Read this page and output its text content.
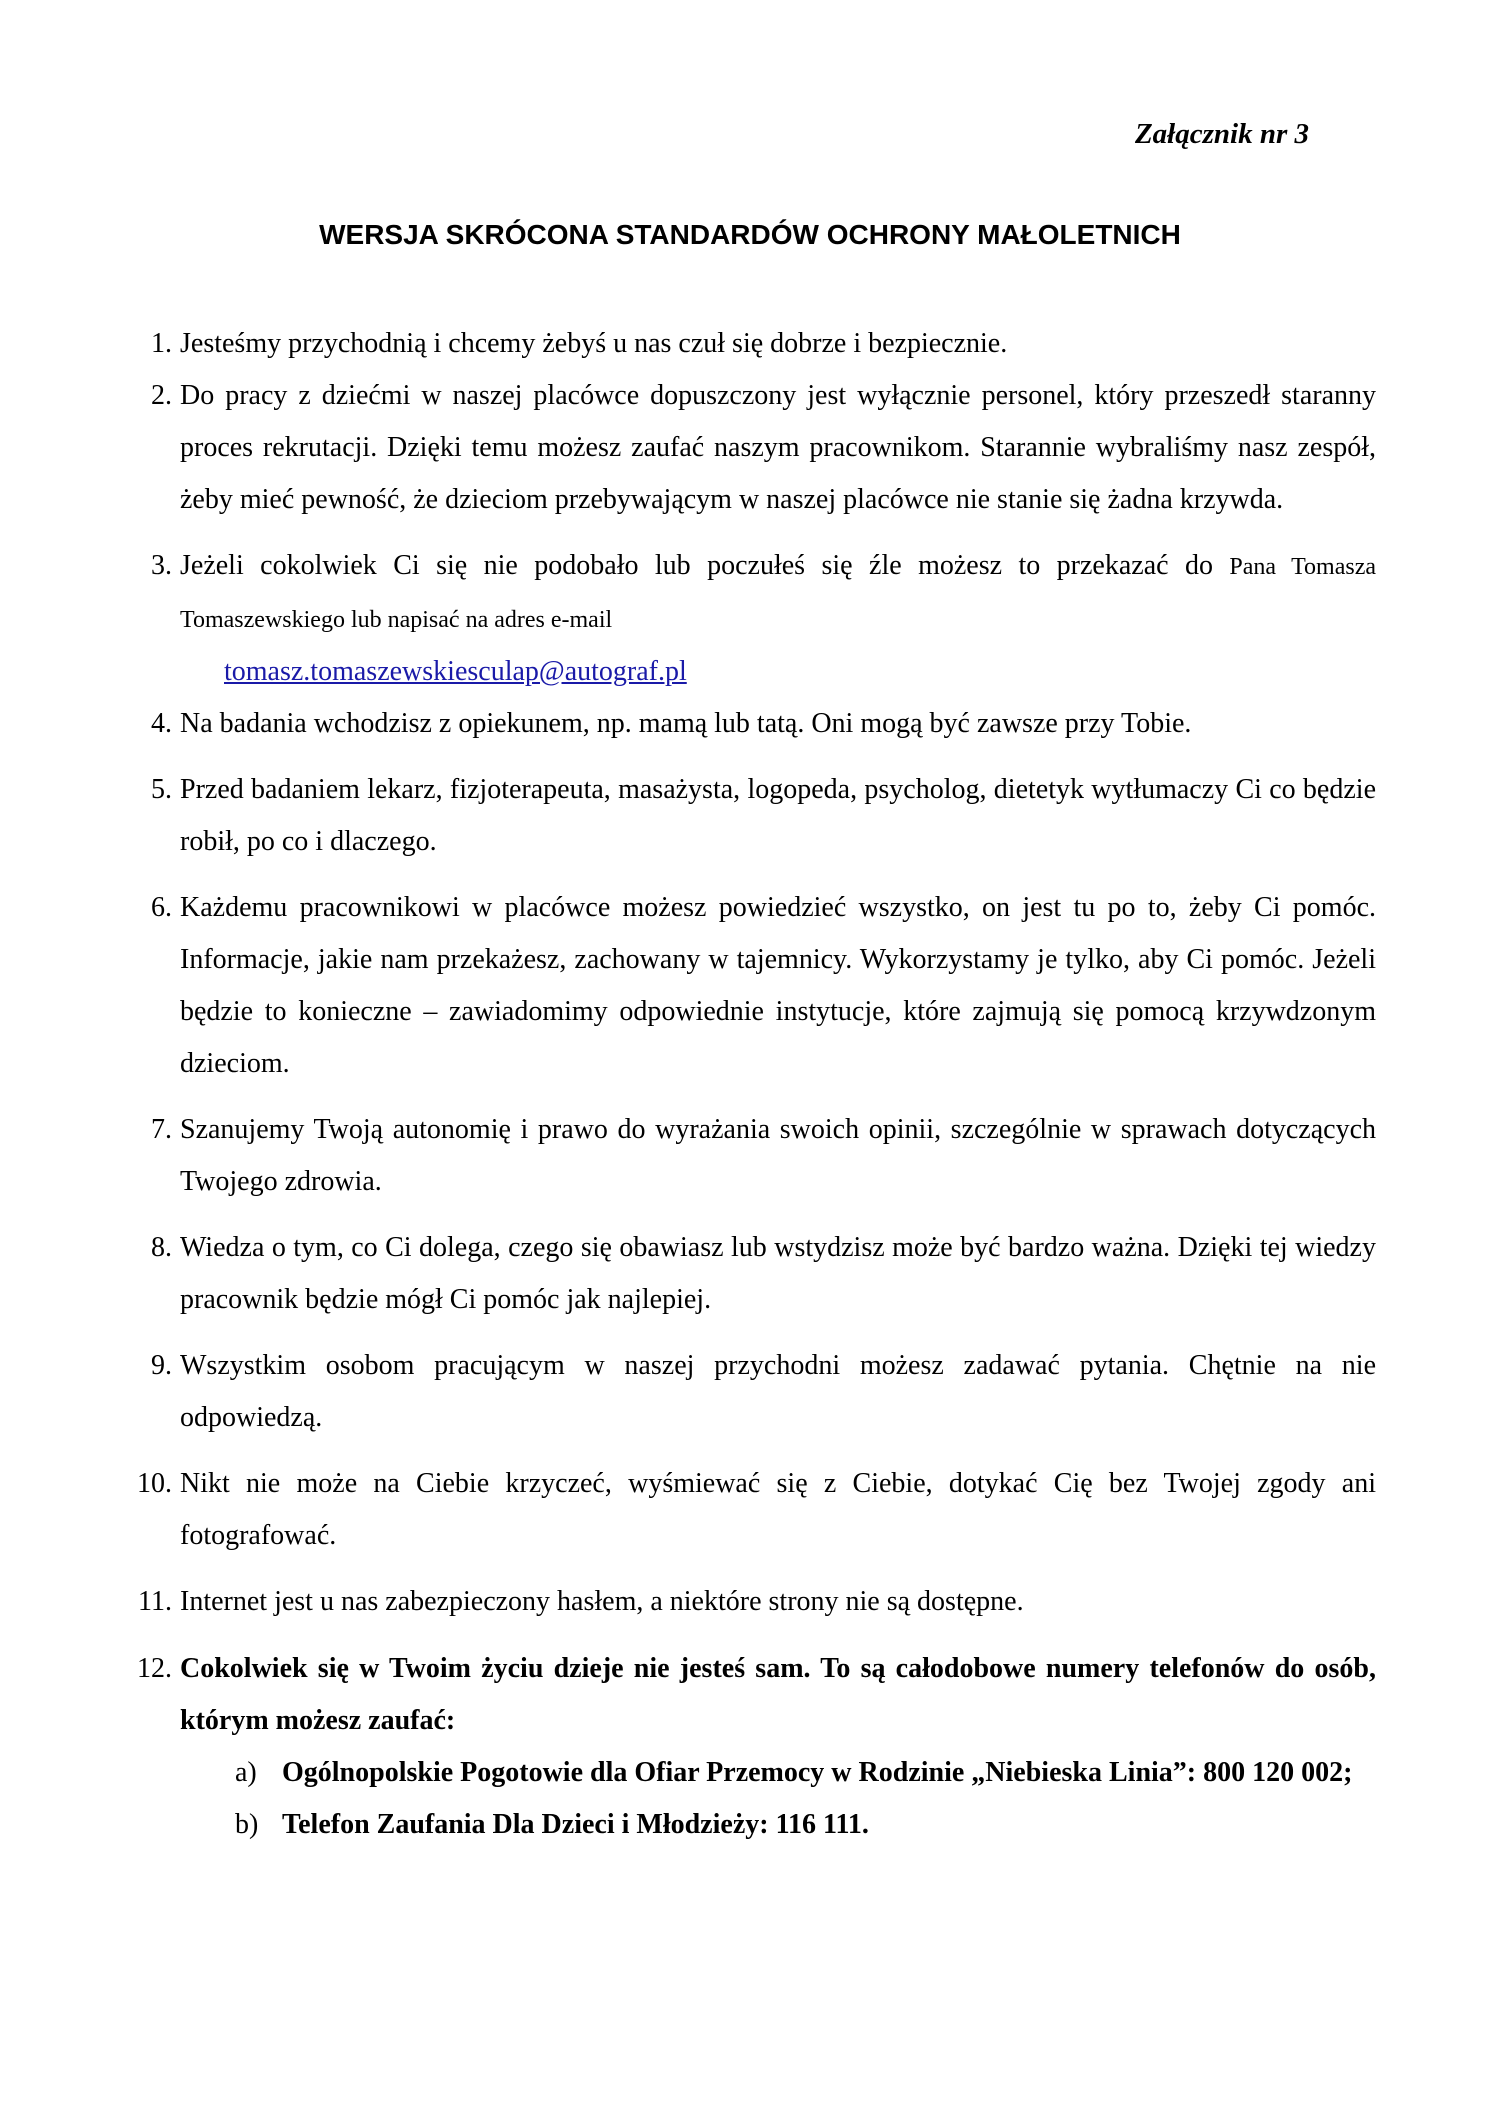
Załącznik nr 3
WERSJA SKRÓCONA STANDARDÓW OCHRONY MAŁOLETNICH
1. Jesteśmy przychodnią i chcemy żebyś u nas czuł się dobrze i bezpiecznie.
2. Do pracy z dziećmi w naszej placówce dopuszczony jest wyłącznie personel, który przeszedł staranny proces rekrutacji. Dzięki temu możesz zaufać naszym pracownikom. Starannie wybraliśmy nasz zespół, żeby mieć pewność, że dzieciom przebywającym w naszej placówce nie stanie się żadna krzywda.
3. Jeżeli cokolwiek Ci się nie podobało lub poczułeś się źle możesz to przekazać do Pana Tomasza Tomaszewskiego lub napisać na adres e-mail
tomasz.tomaszewskiesculap@autograf.pl
4. Na badania wchodzisz z opiekunem, np. mamą lub tatą. Oni mogą być zawsze przy Tobie.
5. Przed badaniem lekarz, fizjoterapeuta, masażysta, logopeda, psycholog, dietetyk wytłumaczy Ci co będzie robił, po co i dlaczego.
6. Każdemu pracownikowi w placówce możesz powiedzieć wszystko, on jest tu po to, żeby Ci pomóc. Informacje, jakie nam przekażesz, zachowany w tajemnicy. Wykorzystamy je tylko, aby Ci pomóc. Jeżeli będzie to konieczne – zawiadomimy odpowiednie instytucje, które zajmują się pomocą krzywdzonym dzieciom.
7. Szanujemy Twoją autonomię i prawo do wyrażania swoich opinii, szczególnie w sprawach dotyczących Twojego zdrowia.
8. Wiedza o tym, co Ci dolega, czego się obawiasz lub wstydzisz może być bardzo ważna. Dzięki tej wiedzy pracownik będzie mógł Ci pomóc jak najlepiej.
9. Wszystkim osobom pracującym w naszej przychodni możesz zadawać pytania. Chętnie na nie odpowiedzą.
10. Nikt nie może na Ciebie krzyczeć, wyśmiewać się z Ciebie, dotykać Cię bez Twojej zgody ani fotografować.
11. Internet jest u nas zabezpieczony hasłem, a niektóre strony nie są dostępne.
12. Cokolwiek się w Twoim życiu dzieje nie jesteś sam. To są całodobowe numery telefonów do osób, którym możesz zaufać:
a) Ogólnopolskie Pogotowie dla Ofiar Przemocy w Rodzinie „Niebieska Linia”: 800 120 002;
b) Telefon Zaufania Dla Dzieci i Młodzieży: 116 111.
